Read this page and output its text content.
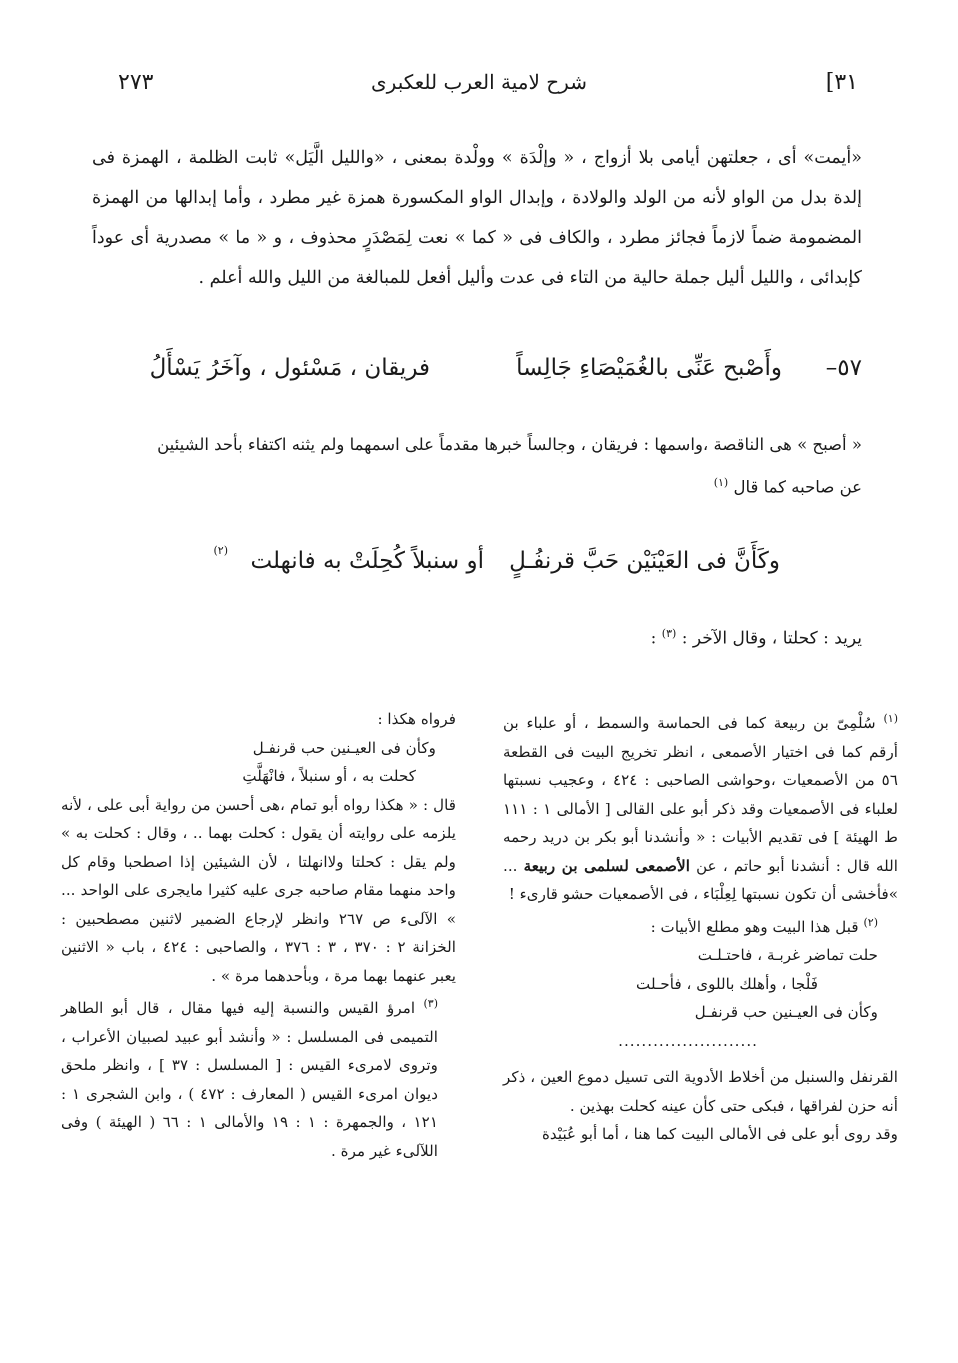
٢٧٣	شرح لامية العرب للعكبرى	[٣١

«أيمت» أى ، جعلتهن أيامى بلا أزواج ، « وإلْدَة » وولْدة بمعنى ، «والليل الَّيَل» ثابت الظلمة ، الهمزة فى إلدة بدل من الواو لأنه من الولد والولادة ، وإبدال الواو المكسورة همزة غير مطرد ، وأما إبدالها من الهمزة المضمومة ضماً لازماً فجائز مطرد ، والكاف فى « كما » نعت لِمَصْدَرٍ محذوف ، و « ما » مصدرية أى عوداً كإبدائى ، والليل أليل جملة حالية من التاء فى عدت وأليل أفعل للمبالغة من الليل والله أعلم .

٥٧–
وأَصْبح عَنِّى بالغُمَيْصَاءِ جَالِساً
فريقان ، مَسْئول ، وآخَرُ يَسْأَلُ
« أصبح » هى الناقصة ،واسمها : فريقان ، وجالساً خبرها مقدماً على اسمهما ولم يثنه اكتفاء بأحد الشيئين
عن صاحبه كما قال $^{(١)}$
وكَأَنَّ فى العَيْنَيْن حَبَّ قرنفُـلٍ
أو سنبلاً كُحِلَتْ به فانهلت
(٢)
يريد : كحلتا ، وقال الآخر : $^{(٣)}$ :

$^{(١)}$ سُلْمِىّ بن ربيعة كما فى الحماسة والسمط ، أو علباء بن أرقم كما فى اختيار الأصمعى ، انظر تخريج البيت فى القطعة ٥٦ من الأصمعيات ،وحواشى الصاحبى : ٤٢٤ ، وعجيب نسبتها لعلباء فى الأصمعيات وقد ذكر أبو على القالى [ الأمالى ١ : ١١١ ط الهيئة ] فى تقديم الأبيات : « وأنشدنا أبو بكر بن دريد رحمه الله قال : أنشدنا أبو حاتم ، عن الأصمعى لسلمى بن ربيعة ... »فأخشى أن تكون نسبتها لِعِلْبَاء ، فى الأصمعيات حشو قارىء !

$^{(٢)}$ قبل هذا البيت وهو مطلع الأبيات :

حلت تماضر غربـة ، فاحتـلـت

فَلْجا ، وأهلك باللوى ، فأحـلت

وكأن فى العيـنين حب قرنفـل

........................

القرنفل والسنبل من أخلاط الأدوية التى تسيل دموع العين ، ذكر أنه حزن لفراقها ، فبكى حتى كأن عينه كحلت بهذين .

وقد روى أبو على فى الأمالى البيت كما هنا ، أما أبو عُبَيْدة

فرواه هكذا :

وكأن فى العيـنين حب قرنفـل

كحلت به ، أو سنبلاً ، فانْهَلَّتِ

قال : « هكذا رواه أبو تمام ،هى أحسن من رواية أبى على ، لأنه يلزمه على روايته أن يقول : كحلت بهما .. ، وقال : كحلت به » ولم يقل : كحلتا ولاانهلتا ، لأن الشيئين إذا اصطحبا وقام كل واحد منهما مقام صاحبه جرى عليه كثيرا مايجرى على الواحد ... » الآلىء ص ٢٦٧ وانظر لإرجاع الضمير لاثنين مصطحبين : الخزانة ٢ : ٣٧٠ ، ٣ : ٣٧٦ ، والصاحبى : ٤٢٤ ، باب « الاثنين يعبر عنهما بهما مرة ، وبأحدهما مرة » .

$^{(٣)}$ امرؤ القيس والنسبة إليه فيها مقال ، قال أبو الطاهر التميمى فى المسلسل : « وأنشد أبو عبيد لصبيان الأعراب ، وتروى لامرىء القيس : [ المسلسل : ٣٧ ] ، وانظر ملحق ديوان امرىء القيس ( المعارف : ٤٧٢ ) ، وابن الشجرى ١ : ١٢١ ، والجمهرة : ١ : ١٩ والأمالى ١ : ٦٦ ( الهيئة ) وفى اللآلىء غير مرة .
